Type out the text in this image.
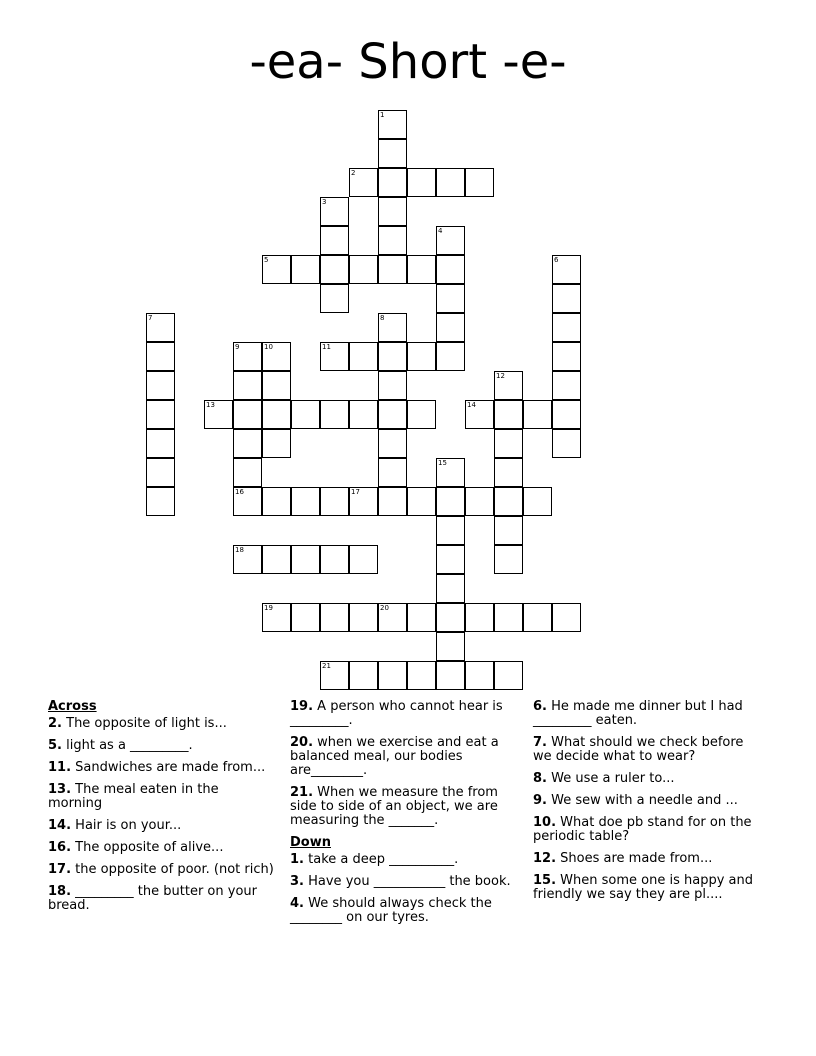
-ea- Short -e-
1
2
3
4
5	6
7	8
9	10	11
12
13	14
15
16	17
18
19	20
21
Across
2. The opposite of light is...
5. light as a _________.
11. Sandwiches are made from...
13. The meal eaten in the morning
14. Hair is on your...
16. The opposite of alive...
17. the opposite of poor. (not rich)
18. _________ the butter on your bread.
19. A person who cannot hear is _________.
20. when we exercise and eat a balanced meal, our bodies are________.
21. When we measure the from side to side of an object, we are measuring the _______.
Down
1. take a deep __________.
3. Have you ___________ the book.
4. We should always check the ________ on our tyres.
6. He made me dinner but I had _________ eaten.
7. What should we check before we decide what to wear?
8. We use a ruler to...
9. We sew with a needle and ...
10. What doe pb stand for on the periodic table?
12. Shoes are made from...
15. When some one is happy and friendly we say they are pl....
